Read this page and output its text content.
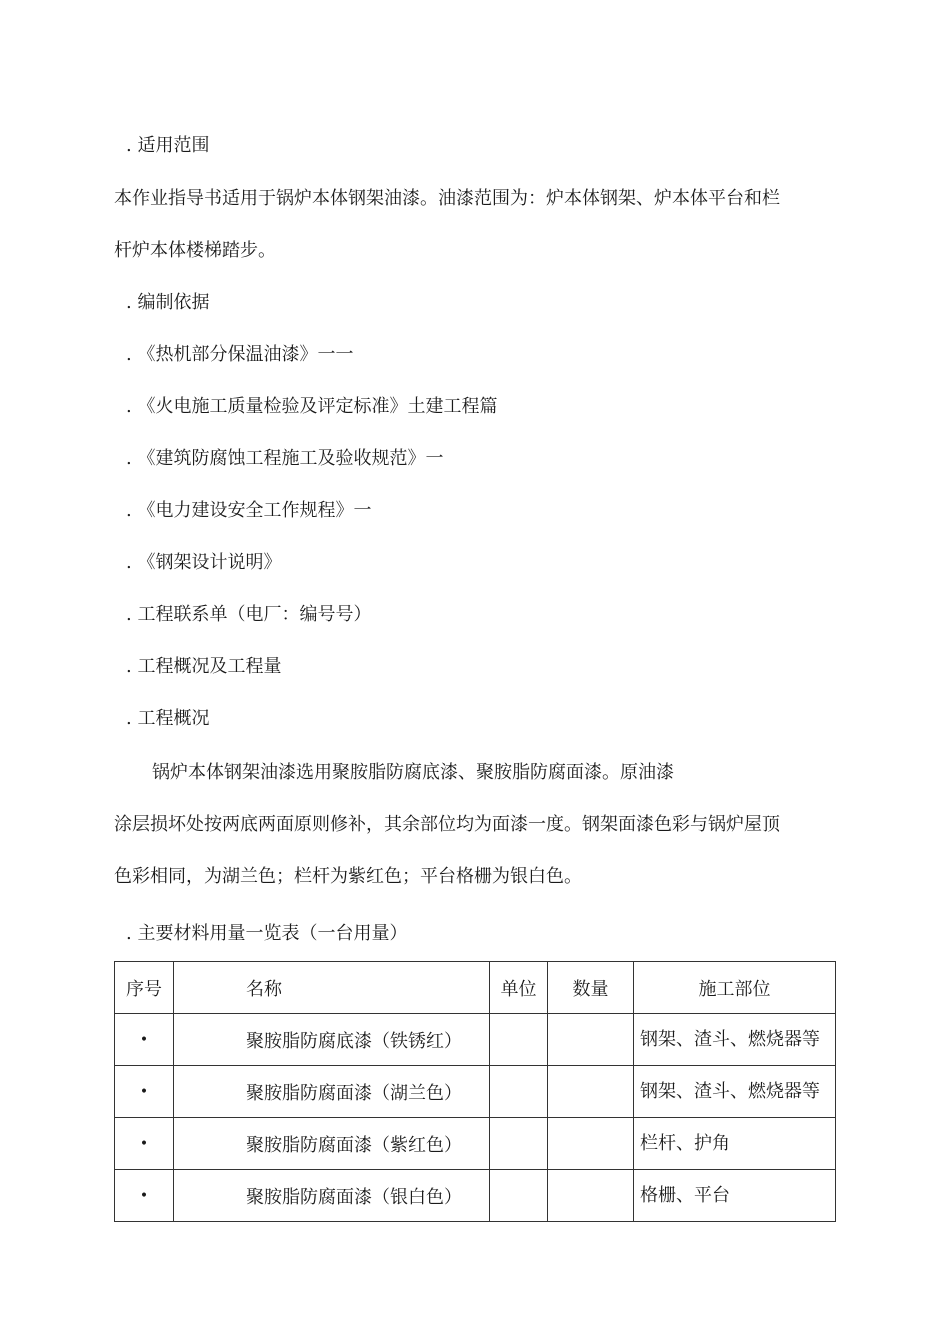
. 适用范围
本作业指导书适用于锅炉本体钢架油漆。油漆范围为：炉本体钢架、炉本体平台和栏
杆炉本体楼梯踏步。
. 编制依据
. 《热机部分保温油漆》一一
. 《火电施工质量检验及评定标准》土建工程篇
. 《建筑防腐蚀工程施工及验收规范》一
. 《电力建设安全工作规程》一
. 《钢架设计说明》
. 工程联系单（电厂：编号号）
. 工程概况及工程量
. 工程概况
锅炉本体钢架油漆选用聚胺脂防腐底漆、聚胺脂防腐面漆。原油漆
涂层损坏处按两底两面原则修补，其余部位均为面漆一度。钢架面漆色彩与锅炉屋顶
色彩相同，为湖兰色；栏杆为紫红色；平台格栅为银白色。
. 主要材料用量一览表（一台用量）
序号	名称	单位	数量	施工部位
•	聚胺脂防腐底漆（铁锈红）			钢架、渣斗、燃烧器等
•	聚胺脂防腐面漆（湖兰色）			钢架、渣斗、燃烧器等
•	聚胺脂防腐面漆（紫红色）			栏杆、护角
•	聚胺脂防腐面漆（银白色）			格栅、平台
